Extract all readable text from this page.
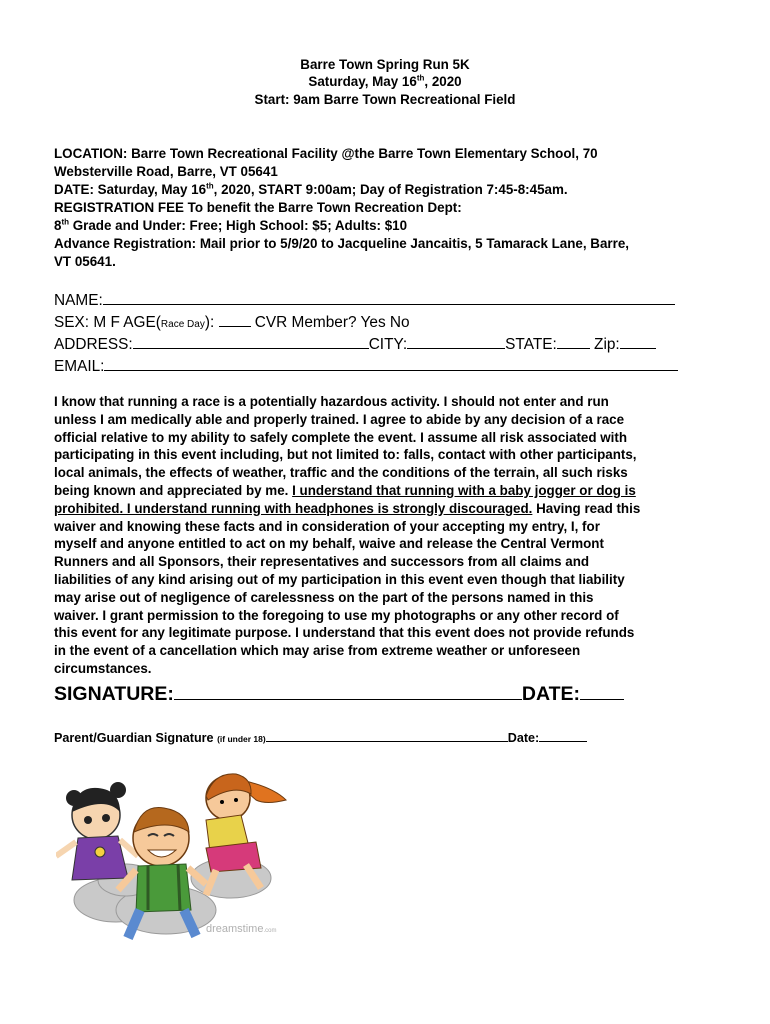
Barre Town Spring Run 5K
Saturday, May 16th, 2020
Start: 9am Barre Town Recreational Field
LOCATION: Barre Town Recreational Facility @the Barre Town Elementary School, 70
Websterville Road, Barre, VT 05641
DATE: Saturday, May 16th, 2020, START 9:00am; Day of Registration 7:45-8:45am.
REGISTRATION FEE To benefit the Barre Town Recreation Dept:
8th Grade and Under: Free; High School: $5; Adults: $10
Advance Registration: Mail prior to 5/9/20 to Jacqueline Jancaitis, 5 Tamarack Lane, Barre,
VT 05641.
NAME:
SEX: M F AGE(Race Day):  CVR Member? Yes No
ADDRESS:	CITY:	STATE: Zip:
EMAIL:
I know that running a race is a potentially hazardous activity. I should not enter and run
unless I am medically able and properly trained. I agree to abide by any decision of a race
official relative to my ability to safely complete the event. I assume all risk associated with
participating in this event including, but not limited to: falls, contact with other participants,
local animals, the effects of weather, traffic and the conditions of the terrain, all such risks
being known and appreciated by me. I understand that running with a baby jogger or dog is
prohibited. I understand running with headphones is strongly discouraged. Having read this
waiver and knowing these facts and in consideration of your accepting my entry, I, for
myself and anyone entitled to act on my behalf, waive and release the Central Vermont
Runners and all Sponsors, their representatives and successors from all claims and
liabilities of any kind arising out of my participation in this event even though that liability
may arise out of negligence of carelessness on the part of the persons named in this
waiver. I grant permission to the foregoing to use my photographs or any other record of
this event for any legitimate purpose. I understand that this event does not provide refunds
in the event of a cancellation which may arise from extreme weather or unforeseen
circumstances.
SIGNATURE:	DATE:
Parent/Guardian Signature (if under 18)	Date:
dreamstime.com
